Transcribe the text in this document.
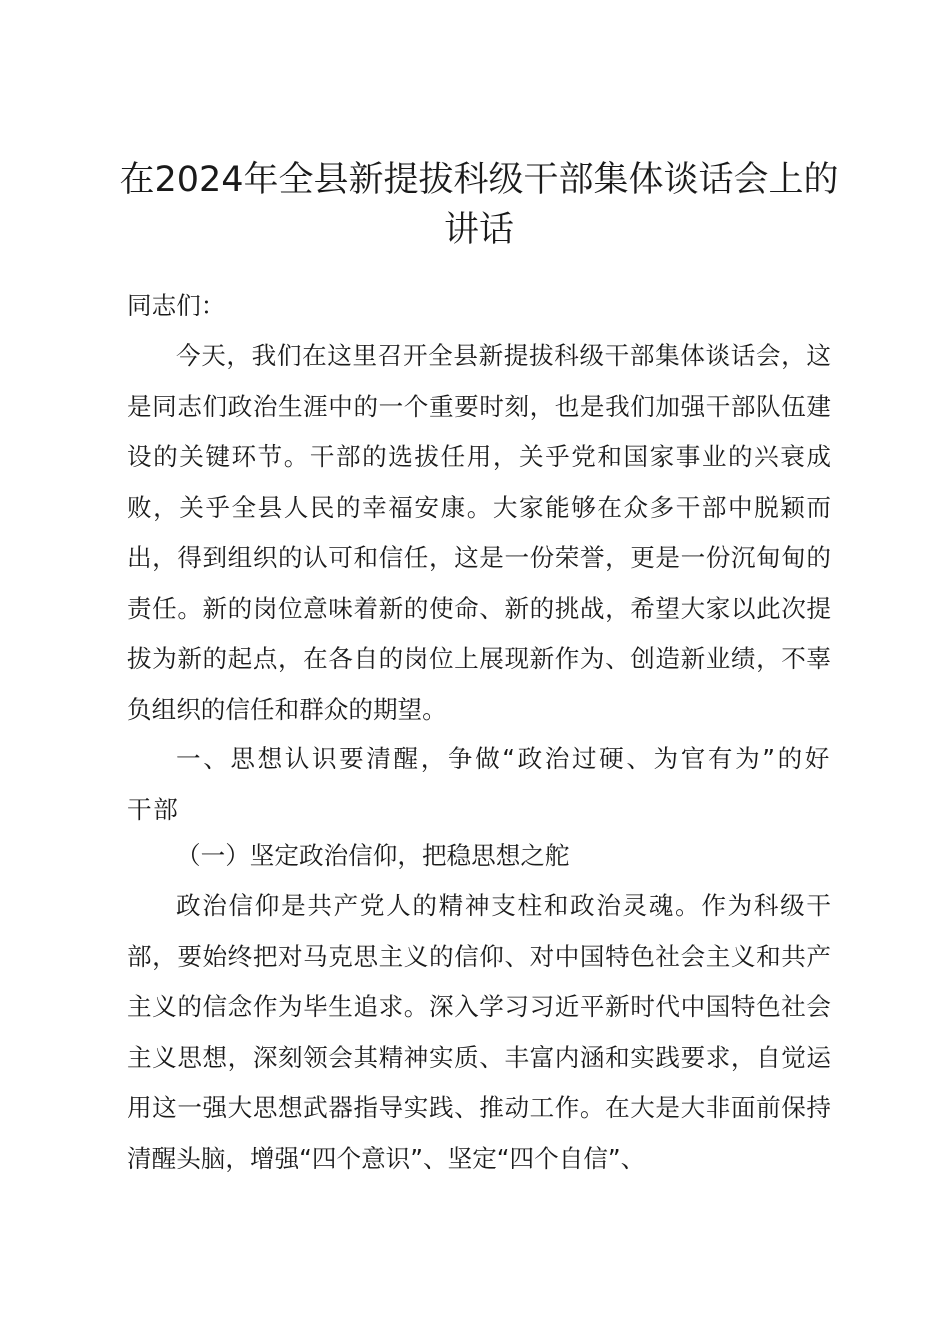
在2024年全县新提拔科级干部集体谈话会上的讲话

同志们：

今天，我们在这里召开全县新提拔科级干部集体谈话会，这是同志们政治生涯中的一个重要时刻，也是我们加强干部队伍建设的关键环节。干部的选拔任用，关乎党和国家事业的兴衰成败，关乎全县人民的幸福安康。大家能够在众多干部中脱颖而出，得到组织的认可和信任，这是一份荣誉，更是一份沉甸甸的责任。新的岗位意味着新的使命、新的挑战，希望大家以此次提拔为新的起点，在各自的岗位上展现新作为、创造新业绩，不辜负组织的信任和群众的期望。

一、思想认识要清醒，争做“政治过硬、为官有为”的好干部

（一）坚定政治信仰，把稳思想之舵

政治信仰是共产党人的精神支柱和政治灵魂。作为科级干部，要始终把对马克思主义的信仰、对中国特色社会主义和共产主义的信念作为毕生追求。深入学习习近平新时代中国特色社会主义思想，深刻领会其精神实质、丰富内涵和实践要求，自觉运用这一强大思想武器指导实践、推动工作。在大是大非面前保持清醒头脑，增强“四个意识”、坚定“四个自信”、
